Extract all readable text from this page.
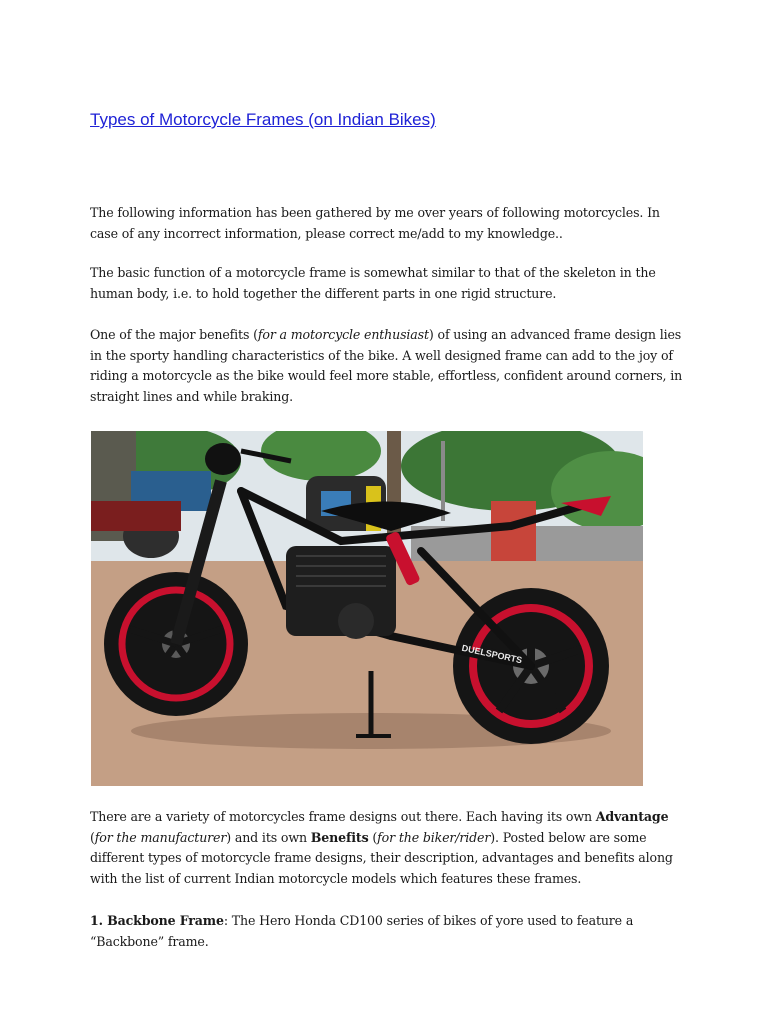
Types of Motorcycle Frames (on Indian Bikes)

The following information has been gathered by me over years of following motorcycles. In case of any incorrect information, please correct me/add to my knowledge..

The basic function of a motorcycle frame is somewhat similar to that of the skeleton in the human body, i.e. to hold together the different parts in one rigid structure.

One of the major benefits (for a motorcycle enthusiast) of using an advanced frame design lies in the sporty handling characteristics of the bike. A well designed frame can add to the joy of riding a motorcycle as the bike would feel more stable, effortless, confident around corners, in straight lines and while braking.

DUELSPORTS

There are a variety of motorcycles frame designs out there. Each having its own Advantage (for the manufacturer) and its own Benefits (for the biker/rider). Posted below are some different types of motorcycle frame designs, their description, advantages and benefits along with the list of current Indian motorcycle models which features these frames.

1. Backbone Frame: The Hero Honda CD100 series of bikes of yore used to feature a “Backbone” frame.
